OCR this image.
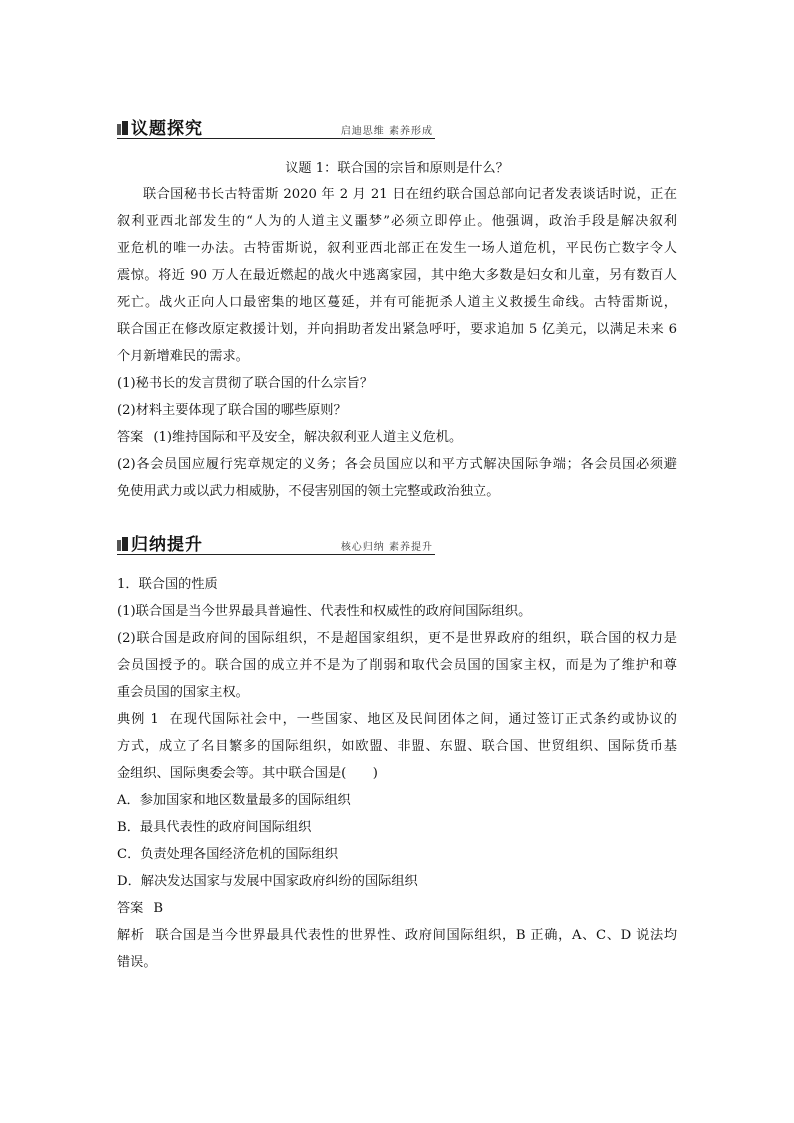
议题探究	启迪思维 素养形成
议题 1：联合国的宗旨和原则是什么？
联合国秘书长古特雷斯 2020 年 2 月 21 日在纽约联合国总部向记者发表谈话时说，正在
叙利亚西北部发生的“人为的人道主义噩梦”必须立即停止。他强调，政治手段是解决叙利
亚危机的唯一办法。古特雷斯说，叙利亚西北部正在发生一场人道危机，平民伤亡数字令人
震惊。将近 90 万人在最近燃起的战火中逃离家园，其中绝大多数是妇女和儿童，另有数百人
死亡。战火正向人口最密集的地区蔓延，并有可能扼杀人道主义救援生命线。古特雷斯说，
联合国正在修改原定救援计划，并向捐助者发出紧急呼吁，要求追加 5 亿美元，以满足未来 6
个月新增难民的需求。
(1)秘书长的发言贯彻了联合国的什么宗旨？
(2)材料主要体现了联合国的哪些原则？
答案 (1)维持国际和平及安全，解决叙利亚人道主义危机。
(2)各会员国应履行宪章规定的义务；各会员国应以和平方式解决国际争端；各会员国必须避
免使用武力或以武力相威胁，不侵害别国的领土完整或政治独立。
归纳提升	核心归纳 素养提升
1．联合国的性质
(1)联合国是当今世界最具普遍性、代表性和权威性的政府间国际组织。
(2)联合国是政府间的国际组织，不是超国家组织，更不是世界政府的组织，联合国的权力是
会员国授予的。联合国的成立并不是为了削弱和取代会员国的国家主权，而是为了维护和尊
重会员国的国家主权。
典例 1 在现代国际社会中，一些国家、地区及民间团体之间，通过签订正式条约或协议的
方式，成立了名目繁多的国际组织，如欧盟、非盟、东盟、联合国、世贸组织、国际货币基
金组织、国际奥委会等。其中联合国是(　　)
A．参加国家和地区数量最多的国际组织
B．最具代表性的政府间国际组织
C．负责处理各国经济危机的国际组织
D．解决发达国家与发展中国家政府纠纷的国际组织
答案 B
解析 联合国是当今世界最具代表性的世界性、政府间国际组织，B 正确，A、C、D 说法均
错误。
